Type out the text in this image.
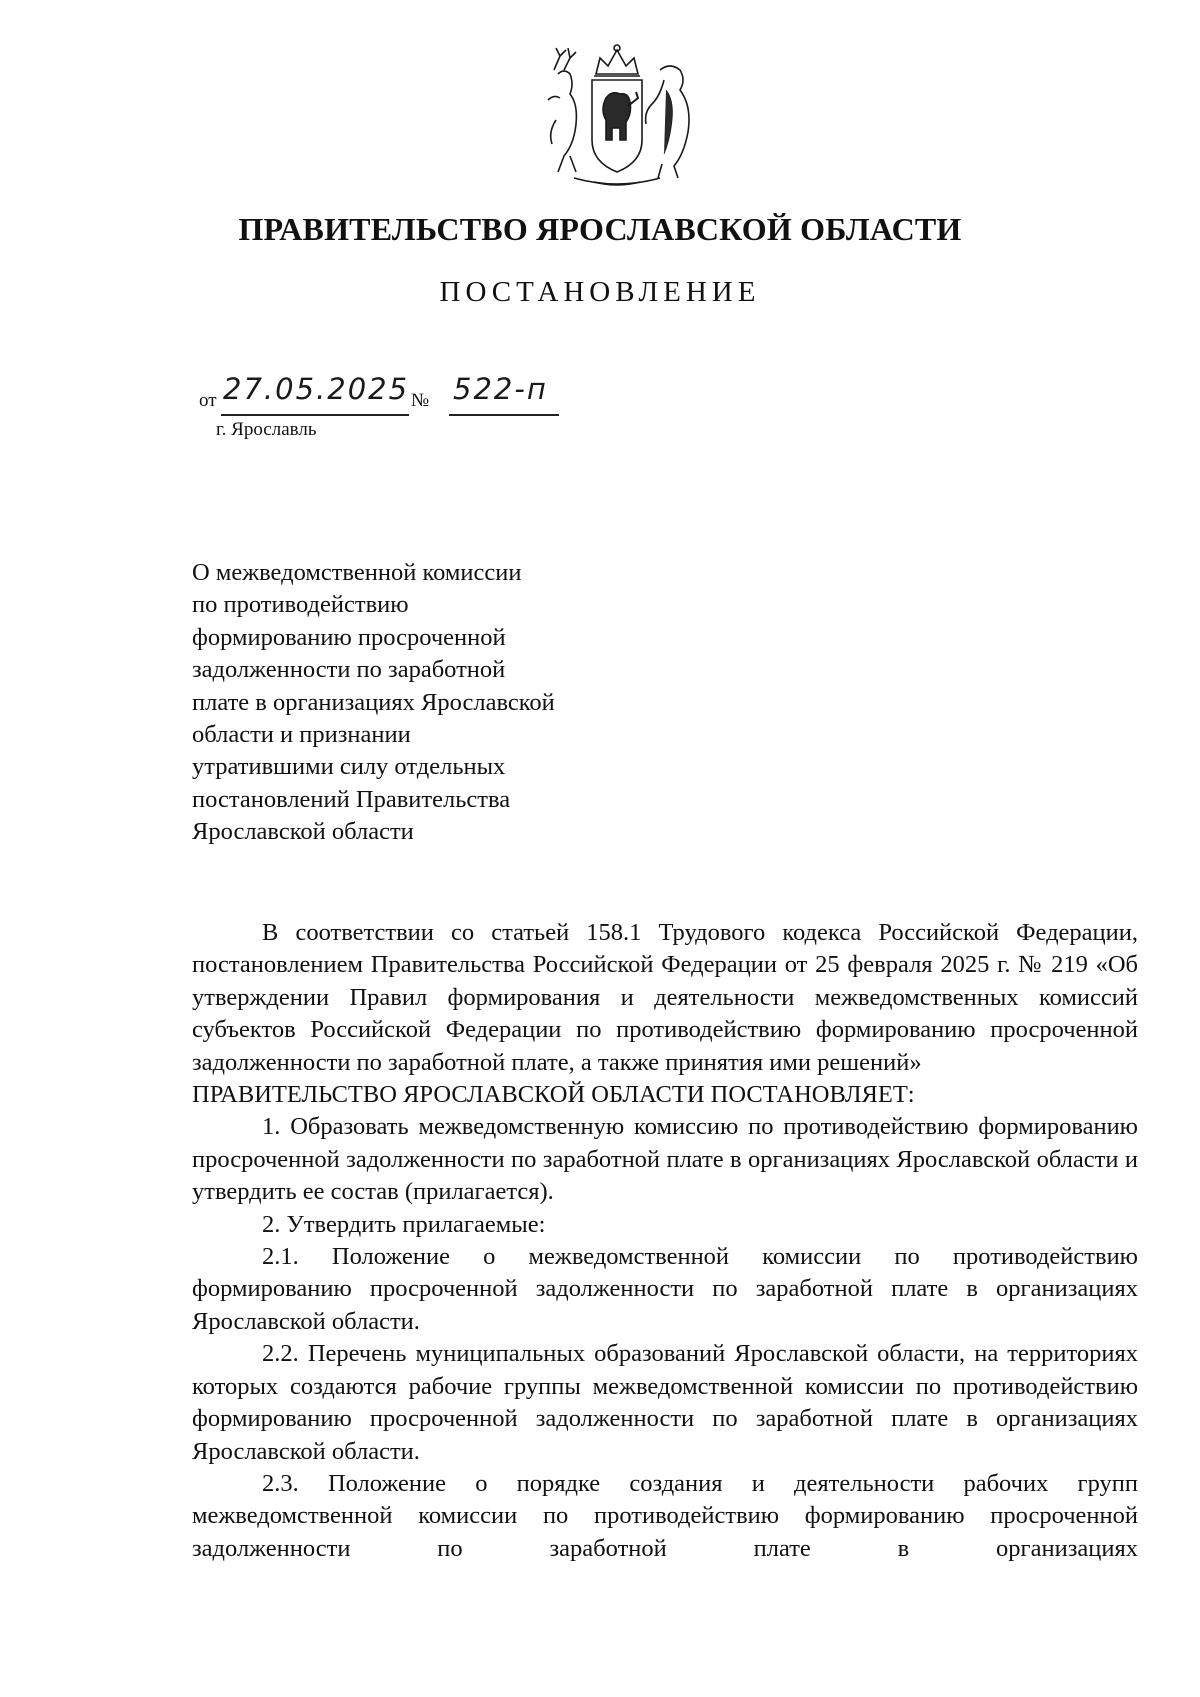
ПРАВИТЕЛЬСТВО ЯРОСЛАВСКОЙ ОБЛАСТИ
ПОСТАНОВЛЕНИЕ
от 27.05.2025 № 522-п
г. Ярославль
О межведомственной комиссии
по противодействию
формированию просроченной
задолженности по заработной
плате в организациях Ярославской
области и признании
утратившими силу отдельных
постановлений Правительства
Ярославской области

В соответствии со статьей 158.1 Трудового кодекса Российской Федерации, постановлением Правительства Российской Федерации от 25 февраля 2025 г. № 219 «Об утверждении Правил формирования и деятельности межведомственных комиссий субъектов Российской Федерации по противодействию формированию просроченной задолженности по заработной плате, а также принятия ими решений»

ПРАВИТЕЛЬСТВО ЯРОСЛАВСКОЙ ОБЛАСТИ ПОСТАНОВЛЯЕТ:

1. Образовать межведомственную комиссию по противодействию формированию просроченной задолженности по заработной плате в организациях Ярославской области и утвердить ее состав (прилагается).

2. Утвердить прилагаемые:

2.1. Положение о межведомственной комиссии по противодействию формированию просроченной задолженности по заработной плате в организациях Ярославской области.

2.2. Перечень муниципальных образований Ярославской области, на территориях которых создаются рабочие группы межведомственной комиссии по противодействию формированию просроченной задолженности по заработной плате в организациях Ярославской области.

2.3. Положение о порядке создания и деятельности рабочих групп межведомственной комиссии по противодействию формированию просроченной задолженности по заработной плате в организациях
